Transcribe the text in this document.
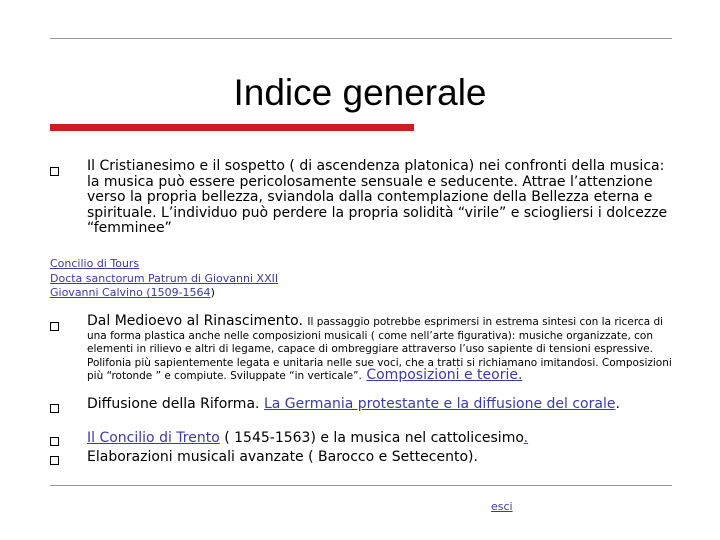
Indice generale
Il Cristianesimo e il sospetto ( di ascendenza platonica) nei confronti della musica: la musica può essere pericolosamente sensuale e seducente. Attrae l’attenzione verso la propria bellezza, sviandola dalla contemplazione della Bellezza eterna e spirituale. L’individuo può perdere la propria solidità “virile” e sciogliersi i dolcezze “femminee”
Concilio di Tours
Docta sanctorum Patrum di Giovanni XXII
Giovanni Calvino (1509-1564)
Dal Medioevo al Rinascimento. Il passaggio potrebbe esprimersi in estrema sintesi con la ricerca di una forma plastica anche nelle composizioni musicali ( come nell’arte figurativa): musiche organizzate, con elementi in rilievo e altri di legame, capace di ombreggiare attraverso l’uso sapiente di tensioni espressive. Polifonia più sapientemente legata e unitaria nelle sue voci, che a tratti si richiamano imitandosi. Composizioni più “rotonde ” e compiute. Sviluppate “in verticale”. Composizioni e teorie.
Diffusione della Riforma. La Germania protestante e la diffusione del corale.
Il Concilio di Trento ( 1545-1563) e la musica nel cattolicesimo.
Elaborazioni musicali avanzate ( Barocco e Settecento).
esci
